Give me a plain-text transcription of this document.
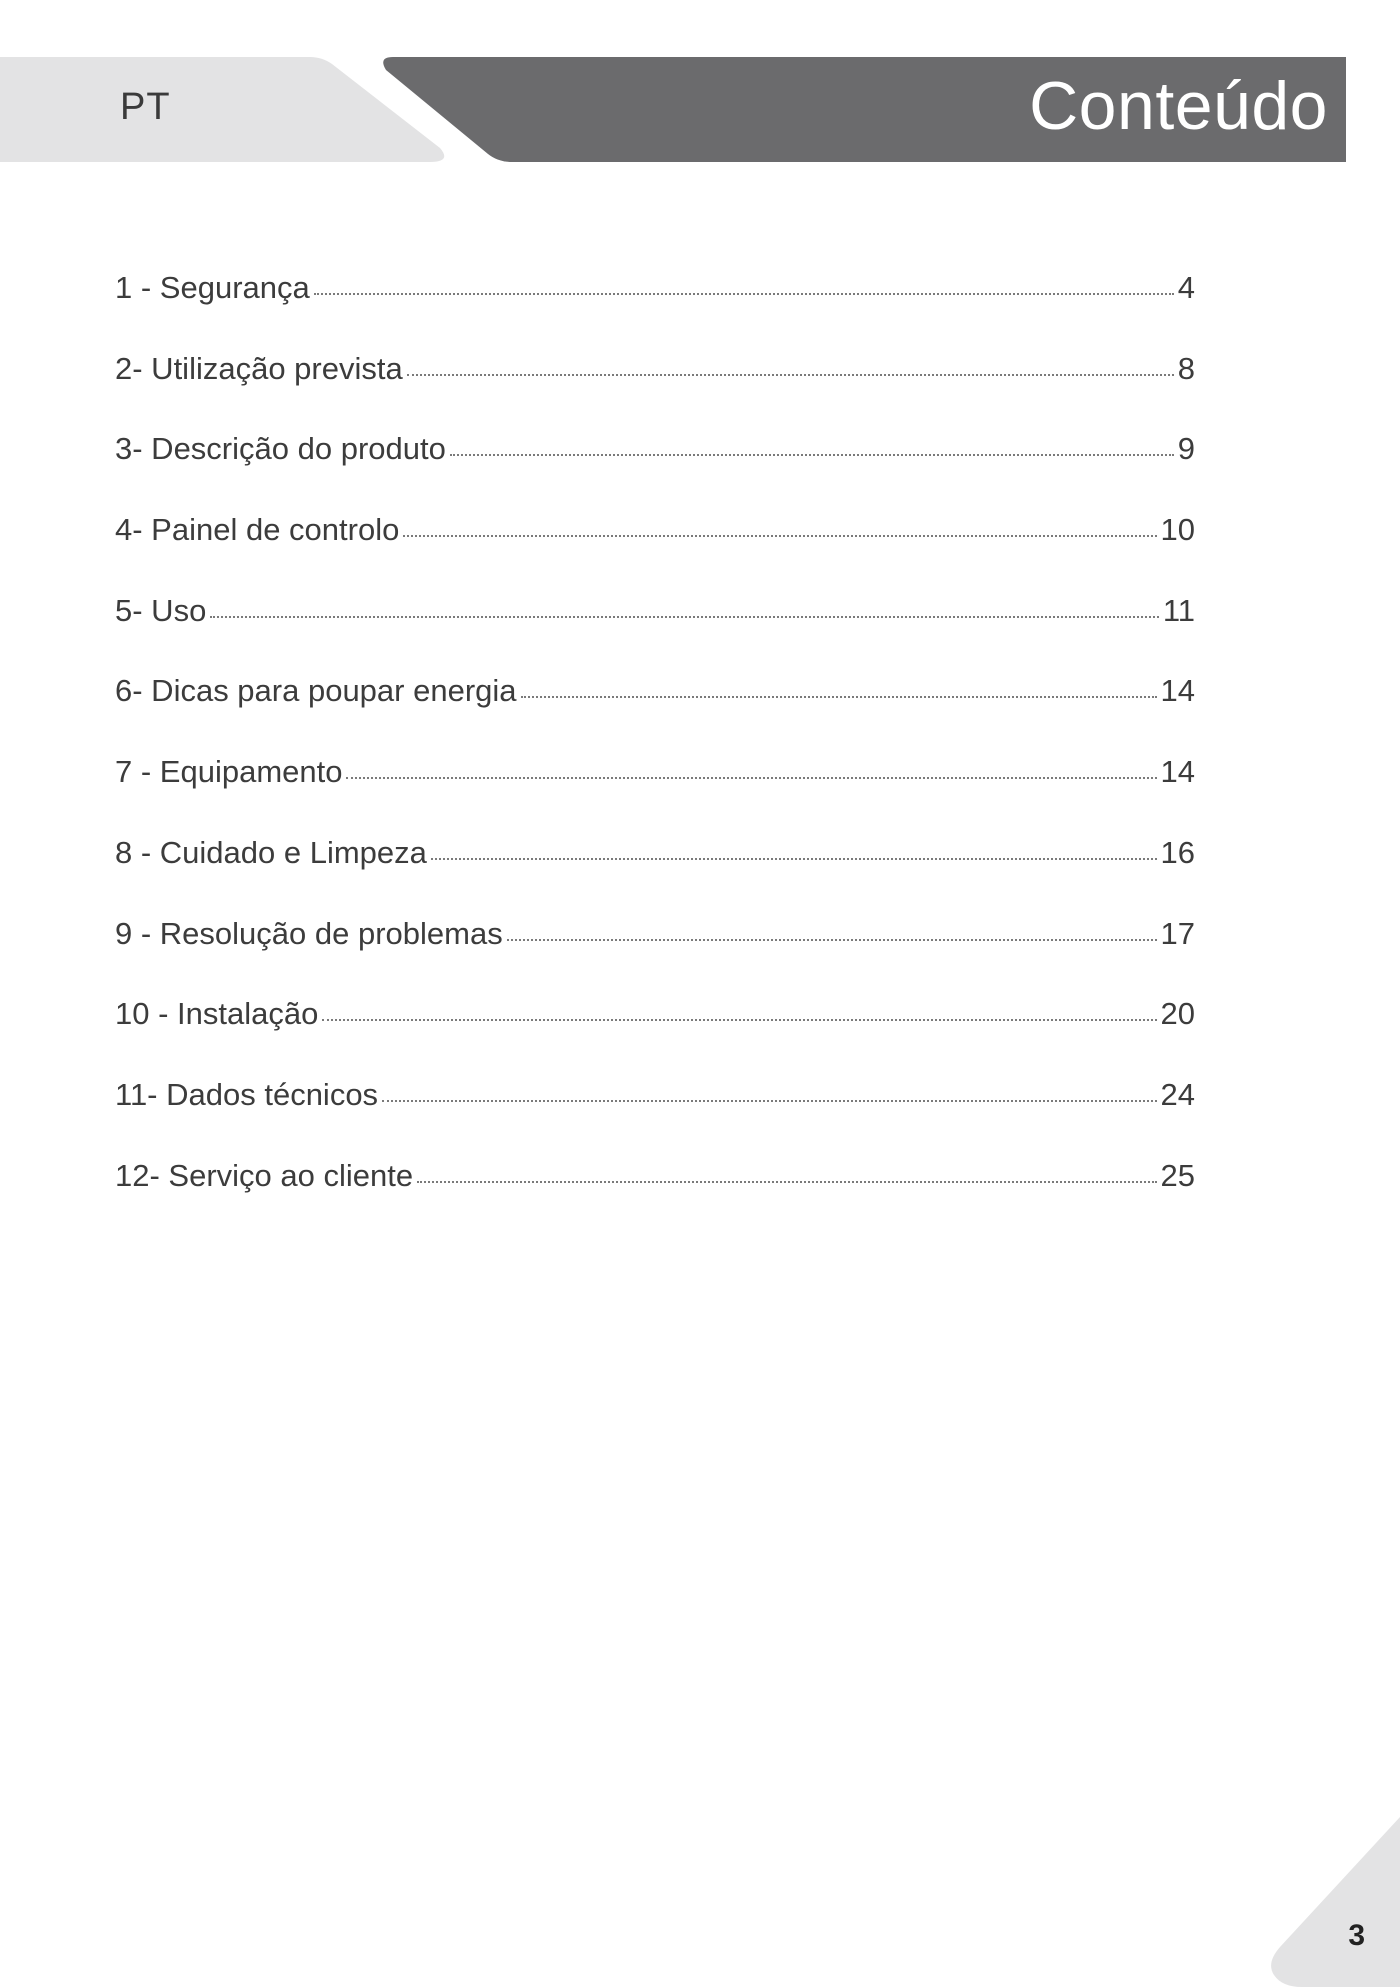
PT	Conteúdo
1 - Segurança	4
2- Utilização prevista	8
3- Descrição do produto	9
4- Painel de controlo	10
5- Uso	11
6- Dicas para poupar energia	14
7 - Equipamento	14
8 - Cuidado e Limpeza	16
9 - Resolução de problemas	17
10 - Instalação	20
11- Dados técnicos	24
12- Serviço ao cliente	25
3
